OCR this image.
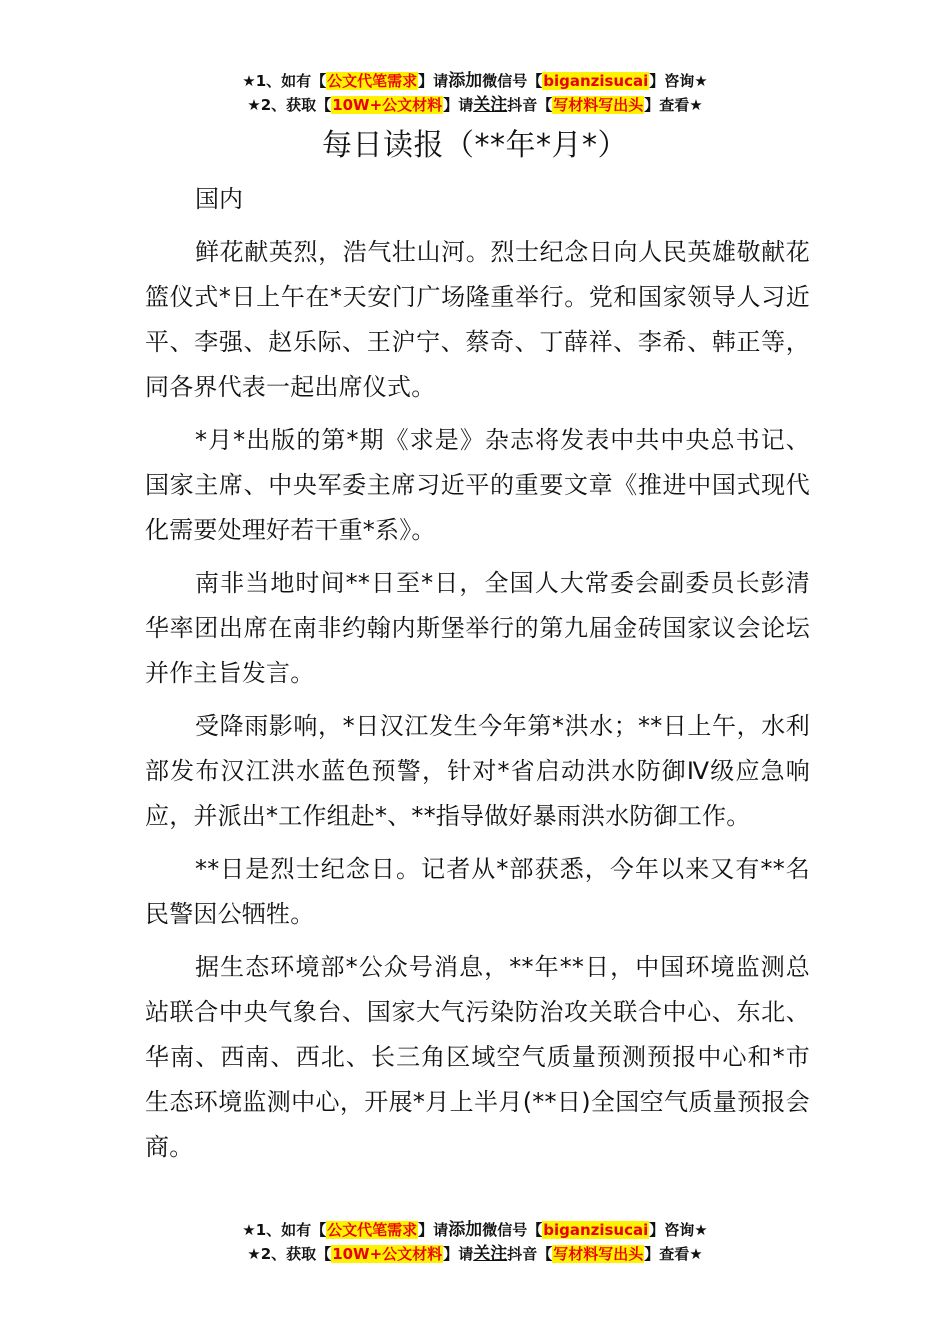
★1、如有【公文代笔需求】请添加微信号【biganzisucai】咨询★
★2、获取【10W+公文材料】请关注抖音【写材料写出头】查看★
每日读报（**年*月*）

国内

鲜花献英烈，浩气壮山河。烈士纪念日向人民英雄敬献花篮仪式*日上午在*天安门广场隆重举行。党和国家领导人习近平、李强、赵乐际、王沪宁、蔡奇、丁薛祥、李希、韩正等，同各界代表一起出席仪式。

*月*出版的第*期《求是》杂志将发表中共中央总书记、国家主席、中央军委主席习近平的重要文章《推进中国式现代化需要处理好若干重*系》。

南非当地时间**日至*日，全国人大常委会副委员长彭清华率团出席在南非约翰内斯堡举行的第九届金砖国家议会论坛并作主旨发言。

受降雨影响，*日汉江发生今年第*洪水；**日上午，水利部发布汉江洪水蓝色预警，针对*省启动洪水防御Ⅳ级应急响应，并派出*工作组赴*、**指导做好暴雨洪水防御工作。

**日是烈士纪念日。记者从*部获悉，今年以来又有**名民警因公牺牲。

据生态环境部*公众号消息，**年**日，中国环境监测总站联合中央气象台、国家大气污染防治攻关联合中心、东北、华南、西南、西北、长三角区域空气质量预测预报中心和*市生态环境监测中心，开展*月上半月(**日)全国空气质量预报会商。

★1、如有【公文代笔需求】请添加微信号【biganzisucai】咨询★
★2、获取【10W+公文材料】请关注抖音【写材料写出头】查看★
